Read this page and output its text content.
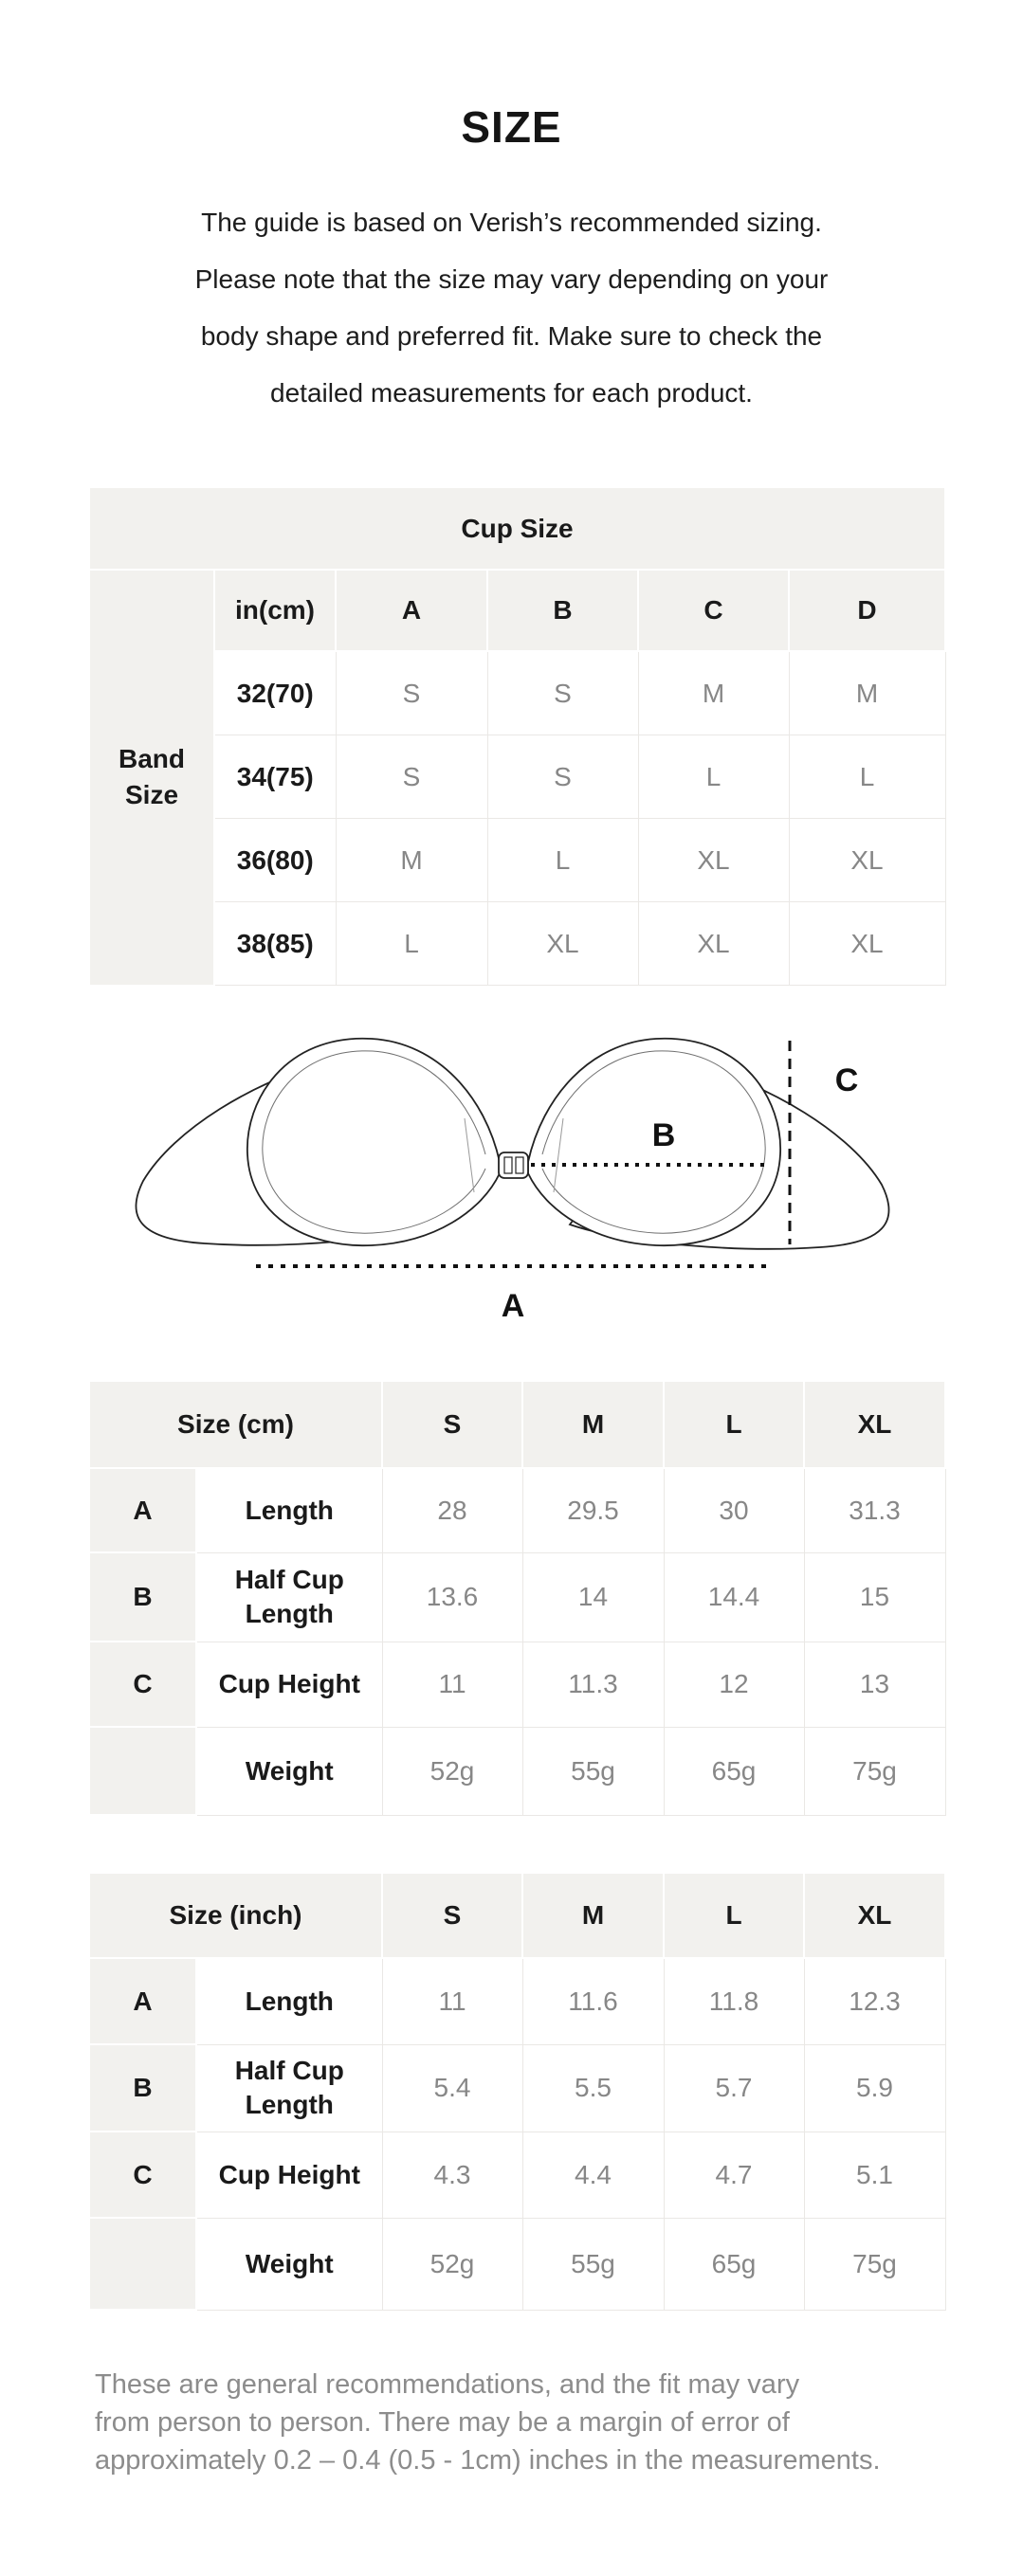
SIZE
The guide is based on Verish’s recommended sizing.
Please note that the size may vary depending on your
body shape and preferred fit. Make sure to check the
detailed measurements for each product.
Cup Size					
Band Size	in(cm)	A	B	C	D
	32(70)	S	S	M	M
	34(75)	S	S	L	L
	36(80)	M	L	XL	XL
	38(85)	L	XL	XL	XL
A
B
C
Size (cm)		S	M	L	XL
A	Length	28	29.5	30	31.3
B	Half Cup Length	13.6	14	14.4	15
C	Cup Height	11	11.3	12	13
	Weight	52g	55g	65g	75g
Size (inch)		S	M	L	XL
A	Length	11	11.6	11.8	12.3
B	Half Cup Length	5.4	5.5	5.7	5.9
C	Cup Height	4.3	4.4	4.7	5.1
	Weight	52g	55g	65g	75g
These are general recommendations, and the fit may vary
from person to person. There may be a margin of error of
approximately 0.2 – 0.4 (0.5 - 1cm) inches in the measurements.
